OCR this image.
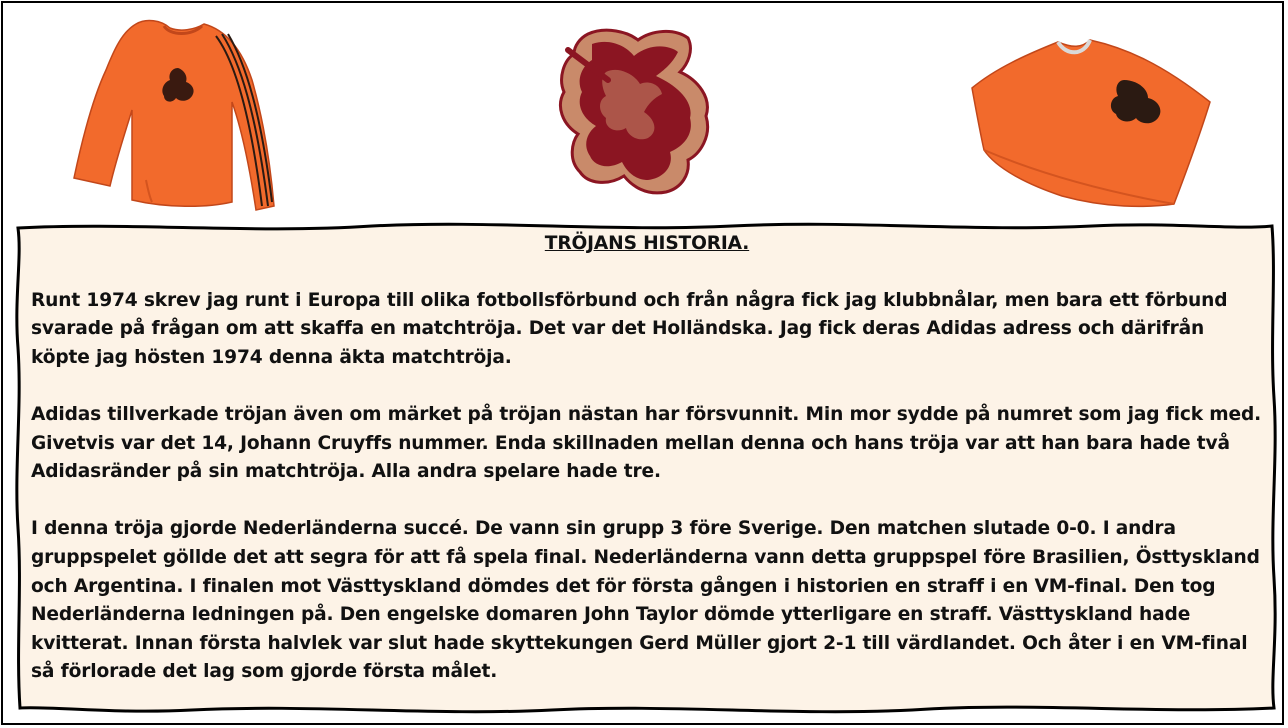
TRÖJANS HISTORIA.
Runt 1974 skrev jag runt i Europa till olika fotbollsförbund och från några fick jag klubbnålar, men bara ett förbund svarade på frågan om att skaffa en matchtröja. Det var det Holländska. Jag fick deras Adidas adress och därifrån köpte jag hösten 1974 denna äkta matchtröja.
Adidas tillverkade tröjan även om märket på tröjan nästan har försvunnit. Min mor sydde på numret som jag fick med. Givetvis var det 14, Johann Cruyffs nummer. Enda skillnaden mellan denna och hans tröja var att han bara hade två Adidasränder på sin matchtröja. Alla andra spelare hade tre.
I denna tröja gjorde Nederländerna succé. De vann sin grupp 3 före Sverige. Den matchen slutade 0-0. I andra gruppspelet göllde det att segra för att få spela final. Nederländerna vann detta gruppspel före Brasilien, Östtyskland och Argentina. I finalen mot Västtyskland dömdes det för första gången i historien en straff i en VM-final. Den tog Nederländerna ledningen på. Den engelske domaren John Taylor dömde ytterligare en straff. Västtyskland hade kvitterat. Innan första halvlek var slut hade skyttekungen Gerd Müller gjort 2-1 till värdlandet. Och åter i en VM-final så förlorade det lag som gjorde första målet.
